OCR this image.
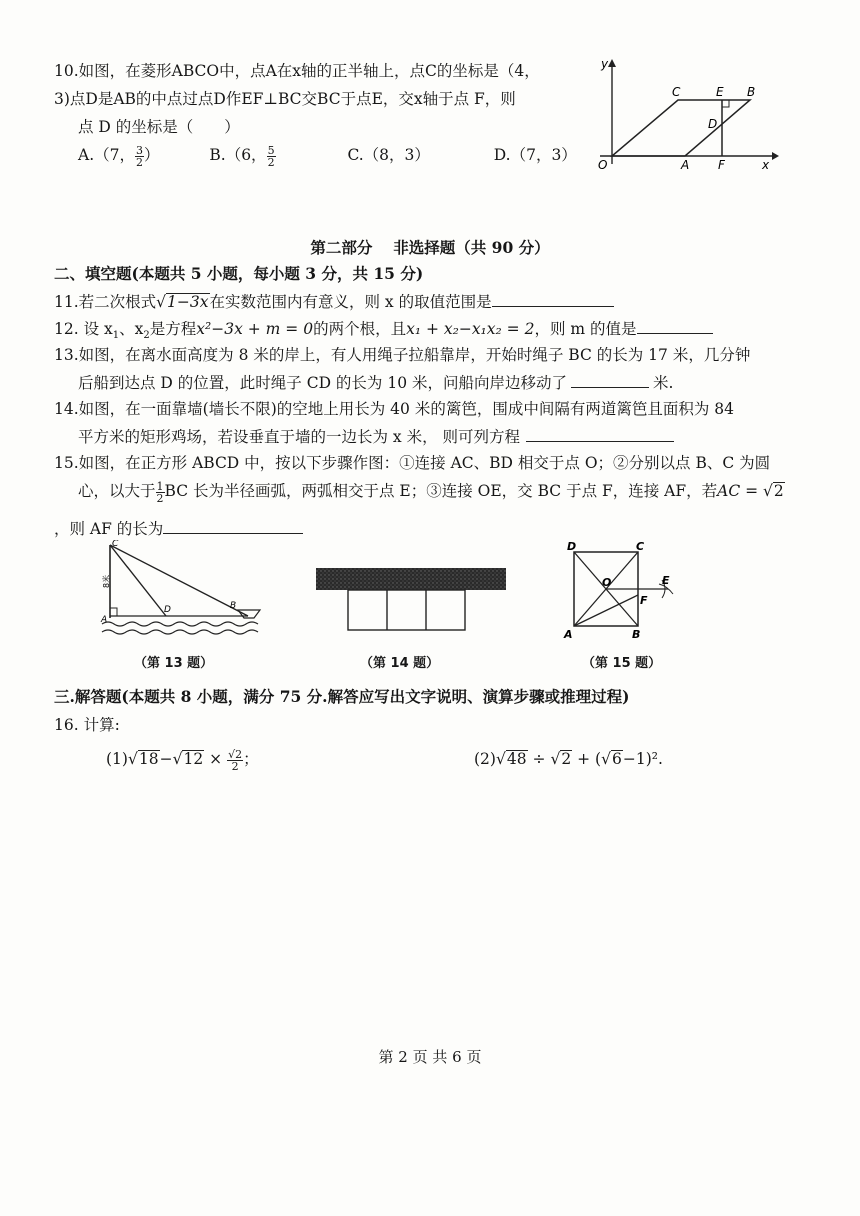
10.如图，在菱形ABCO中，点A在x轴的正半轴上，点C的坐标是（4，
3)点D是AB的中点过点D作EF⊥BC交BC于点E，交x轴于点 F，则
点 D 的坐标是（　　）
A.（7， $\frac{3}{2}$ ）	B.（6， $\frac{5}{2}$	C.（8，3）	D.（7，3）
C	E B
D
O	A F	x
y
第二部分　 非选择题（共 90 分）
二、填空题(本题共 5 小题，每小题 3 分，共 15 分)
11.若二次根式√1−3x在实数范围内有意义，则 x 的取值范围是
12. 设 $x_1$、$x_2$是方程x²−3x + m = 0的两个根，且x₁ + x₂−x₁x₂ = 2，则 m 的值是
13.如图，在离水面高度为 8 米的岸上，有人用绳子拉船靠岸，开始时绳子 BC 的长为 17 米，几分钟
后船到达点 D 的位置，此时绳子 CD 的长为 10 米，问船向岸边移动了	米.
14.如图，在一面靠墙(墙长不限)的空地上用长为 40 米的篱笆，围成中间隔有两道篱笆且面积为 84
平方米的矩形鸡场，若设垂直于墙的一边长为 x 米， 则可列方程
15.如图，在正方形 ABCD 中，按以下步骤作图：①连接 AC、BD 相交于点 O；②分别以点 B、C 为圆
心，以大于 $\frac{1}{2}$ BC 长为半径画弧，两弧相交于点 E；③连接 OE，交 BC 于点 F，连接 AF，若AC = √2
，则 AF 的长为
C
A
D	B
8米
（第 13 题）	（第 14 题）
D	C
O	E
F
A	B
（第 15 题）
三.解答题(本题共 8 小题，满分 75 分.解答应写出文字说明、演算步骤或推理过程)
16. 计算:
$(1)√18-√12 \times \frac{√2}{2}$ ；	(2)√48 ÷ √2 + (√6−1)².
第 2 页 共 6 页
